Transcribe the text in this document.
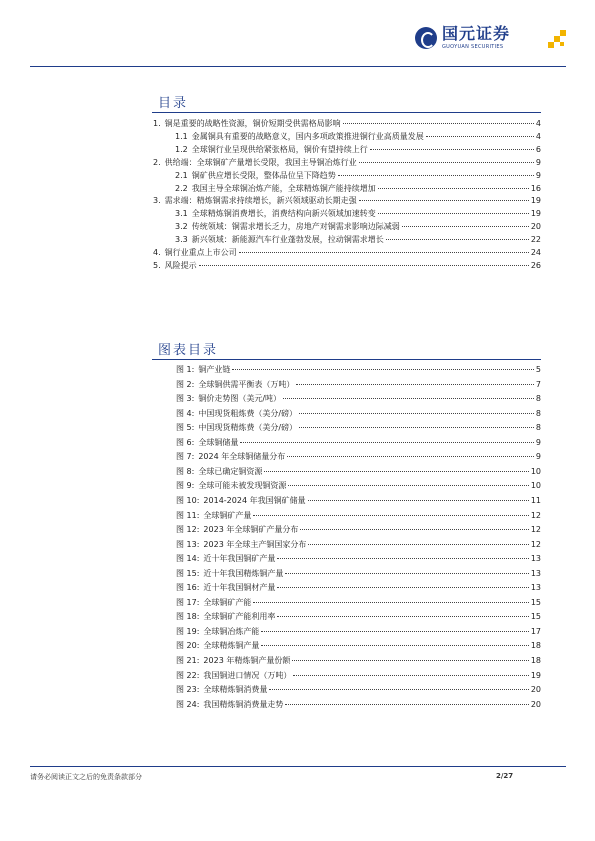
国元证券
GUOYUAN SECURITIES
目录
1. 铜是重要的战略性资源，铜价短期受供需格局影响	4
1.1 金属铜具有重要的战略意义，国内多项政策推进铜行业高质量发展	4
1.2 全球铜行业呈现供给紧张格局，铜价有望持续上行	6
2. 供给端：全球铜矿产量增长受限，我国主导铜冶炼行业	9
2.1 铜矿供应增长受限，整体品位呈下降趋势	9
2.2 我国主导全球铜冶炼产能，全球精炼铜产能持续增加	16
3. 需求端：精炼铜需求持续增长，新兴领域驱动长期走强	19
3.1 全球精炼铜消费增长，消费结构向新兴领域加速转变	19
3.2 传统领域：铜需求增长乏力，房地产对铜需求影响边际减弱	20
3.3 新兴领域：新能源汽车行业蓬勃发展，拉动铜需求增长	22
4. 铜行业重点上市公司	24
5. 风险提示	26
图表目录
图 1: 铜产业链	5
图 2: 全球铜供需平衡表（万吨）	7
图 3: 铜价走势图（美元/吨）	8
图 4: 中国现货粗炼费（美分/磅）	8
图 5: 中国现货精炼费（美分/磅）	8
图 6: 全球铜储量	9
图 7: 2024 年全球铜储量分布	9
图 8: 全球已确定铜资源	10
图 9: 全球可能未被发现铜资源	10
图 10: 2014-2024 年我国铜矿储量	11
图 11: 全球铜矿产量	12
图 12: 2023 年全球铜矿产量分布	12
图 13: 2023 年全球主产铜国家分布	12
图 14: 近十年我国铜矿产量	13
图 15: 近十年我国精炼铜产量	13
图 16: 近十年我国铜材产量	13
图 17: 全球铜矿产能	15
图 18: 全球铜矿产能利用率	15
图 19: 全球铜冶炼产能	17
图 20: 全球精炼铜产量	18
图 21: 2023 年精炼铜产量份额	18
图 22: 我国铜进口情况（万吨）	19
图 23: 全球精炼铜消费量	20
图 24: 我国精炼铜消费量走势	20
请务必阅读正文之后的免责条款部分	2/27
